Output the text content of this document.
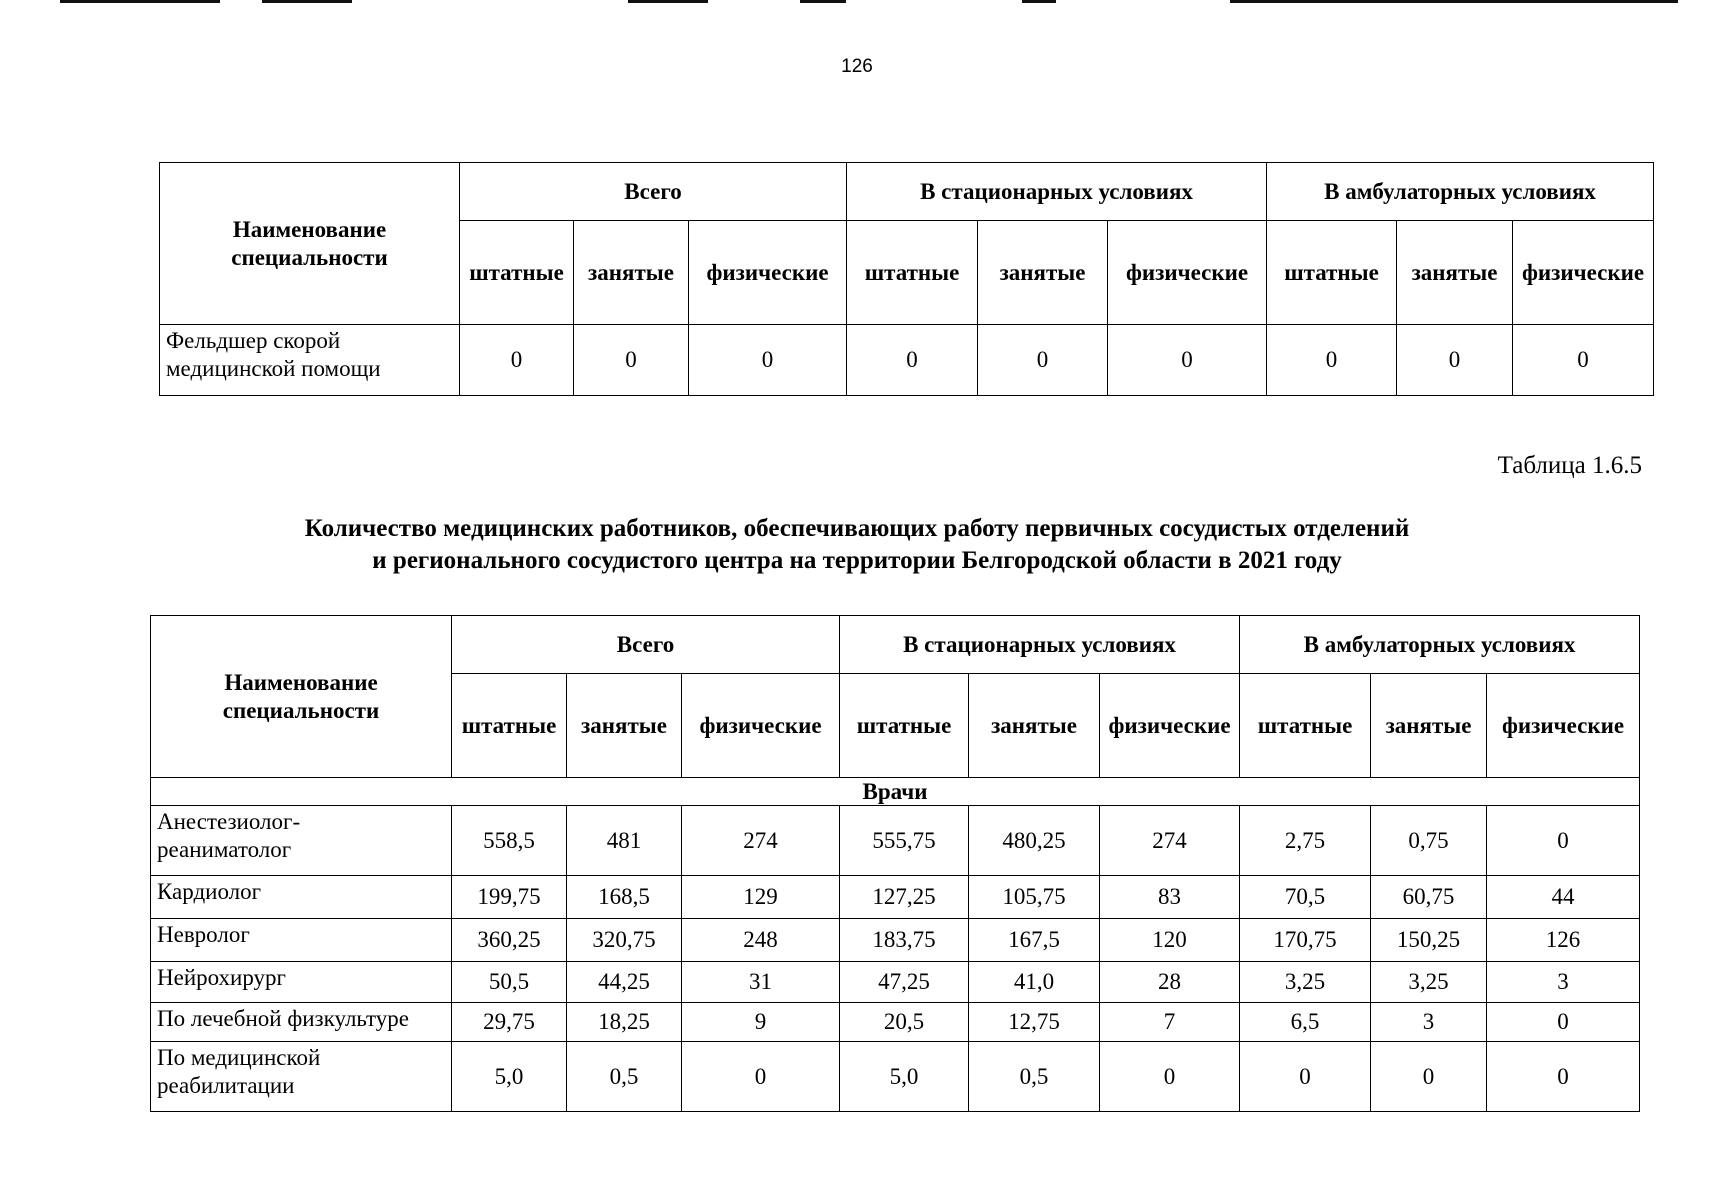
126
Наименование специальности	Всего			В стационарных условиях			В амбулаторных условиях		
	штатные	занятые	физические	штатные	занятые	физические	штатные	занятые	физические
Фельдшер скорой медицинской помощи	0	0	0	0	0	0	0	0	0
Таблица 1.6.5
Количество медицинских работников, обеспечивающих работу первичных сосудистых отделений
и регионального сосудистого центра на территории Белгородской области в 2021 году
Наименование специальности	Всего			В стационарных условиях			В амбулаторных условиях		
	штатные	занятые	физические	штатные	занятые	физические	штатные	занятые	физические
Врачи									
Анестезиолог-реаниматолог	558,5	481	274	555,75	480,25	274	2,75	0,75	0
Кардиолог	199,75	168,5	129	127,25	105,75	83	70,5	60,75	44
Невролог	360,25	320,75	248	183,75	167,5	120	170,75	150,25	126
Нейрохирург	50,5	44,25	31	47,25	41,0	28	3,25	3,25	3
По лечебной физкультуре	29,75	18,25	9	20,5	12,75	7	6,5	3	0
По медицинской реабилитации	5,0	0,5	0	5,0	0,5	0	0	0	0
